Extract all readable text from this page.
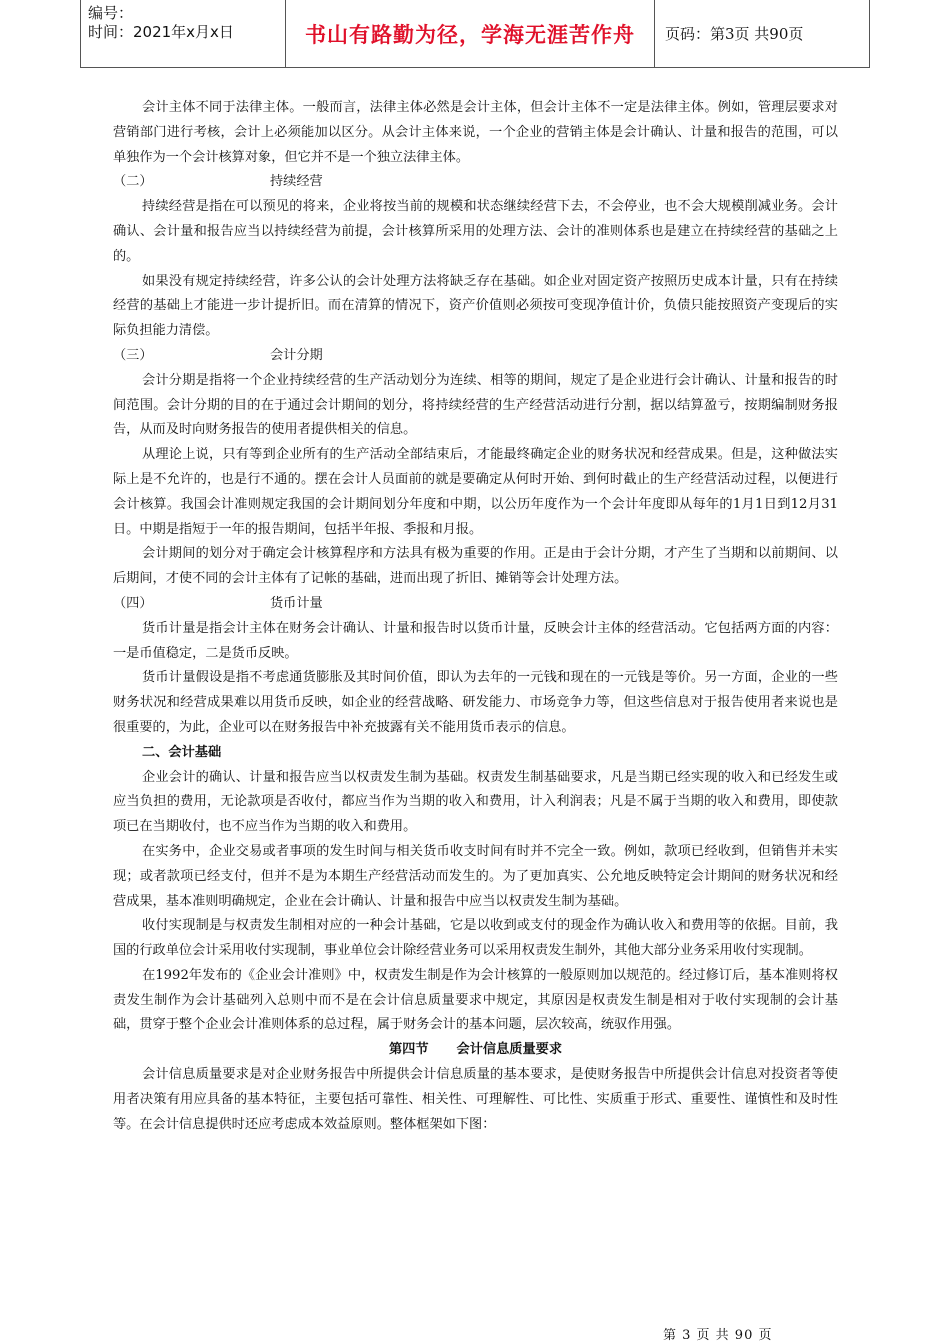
编号：
时间：2021年x月x日	书山有路勤为径，学海无涯苦作舟	页码：第3页 共90页

会计主体不同于法律主体。一般而言，法律主体必然是会计主体，但会计主体不一定是法律主体。例如，管理层要求对营销部门进行考核，会计上必须能加以区分。从会计主体来说，一个企业的营销主体是会计确认、计量和报告的范围，可以单独作为一个会计核算对象，但它并不是一个独立法律主体。

（二）	持续经营

持续经营是指在可以预见的将来，企业将按当前的规模和状态继续经营下去，不会停业，也不会大规模削减业务。会计确认、会计量和报告应当以持续经营为前提，会计核算所采用的处理方法、会计的准则体系也是建立在持续经营的基础之上的。

如果没有规定持续经营，许多公认的会计处理方法将缺乏存在基础。如企业对固定资产按照历史成本计量，只有在持续经营的基础上才能进一步计提折旧。而在清算的情况下，资产价值则必须按可变现净值计价，负债只能按照资产变现后的实际负担能力清偿。

（三）	会计分期

会计分期是指将一个企业持续经营的生产活动划分为连续、相等的期间，规定了是企业进行会计确认、计量和报告的时间范围。会计分期的目的在于通过会计期间的划分，将持续经营的生产经营活动进行分割，据以结算盈亏，按期编制财务报告，从而及时向财务报告的使用者提供相关的信息。

从理论上说，只有等到企业所有的生产活动全部结束后，才能最终确定企业的财务状况和经营成果。但是，这种做法实际上是不允许的，也是行不通的。摆在会计人员面前的就是要确定从何时开始、到何时截止的生产经营活动过程，以便进行会计核算。我国会计准则规定我国的会计期间划分年度和中期，以公历年度作为一个会计年度即从每年的1月1日到12月31日。中期是指短于一年的报告期间，包括半年报、季报和月报。

会计期间的划分对于确定会计核算程序和方法具有极为重要的作用。正是由于会计分期，才产生了当期和以前期间、以后期间，才使不同的会计主体有了记帐的基础，进而出现了折旧、摊销等会计处理方法。

（四）	货币计量

货币计量是指会计主体在财务会计确认、计量和报告时以货币计量，反映会计主体的经营活动。它包括两方面的内容：一是币值稳定，二是货币反映。

货币计量假设是指不考虑通货膨胀及其时间价值，即认为去年的一元钱和现在的一元钱是等价。另一方面，企业的一些财务状况和经营成果难以用货币反映，如企业的经营战略、研发能力、市场竞争力等，但这些信息对于报告使用者来说也是很重要的，为此，企业可以在财务报告中补充披露有关不能用货币表示的信息。

二、会计基础

企业会计的确认、计量和报告应当以权责发生制为基础。权责发生制基础要求，凡是当期已经实现的收入和已经发生或应当负担的费用，无论款项是否收付，都应当作为当期的收入和费用，计入利润表；凡是不属于当期的收入和费用，即使款项已在当期收付，也不应当作为当期的收入和费用。

在实务中，企业交易或者事项的发生时间与相关货币收支时间有时并不完全一致。例如，款项已经收到，但销售并未实现；或者款项已经支付，但并不是为本期生产经营活动而发生的。为了更加真实、公允地反映特定会计期间的财务状况和经营成果，基本准则明确规定，企业在会计确认、计量和报告中应当以权责发生制为基础。

收付实现制是与权责发生制相对应的一种会计基础，它是以收到或支付的现金作为确认收入和费用等的依据。目前，我国的行政单位会计采用收付实现制，事业单位会计除经营业务可以采用权责发生制外，其他大部分业务采用收付实现制。

在1992年发布的《企业会计准则》中，权责发生制是作为会计核算的一般原则加以规范的。经过修订后，基本准则将权责发生制作为会计基础列入总则中而不是在会计信息质量要求中规定，其原因是权责发生制是相对于收付实现制的会计基础，贯穿于整个企业会计准则体系的总过程，属于财务会计的基本问题，层次较高，统驭作用强。

第四节 会计信息质量要求

会计信息质量要求是对企业财务报告中所提供会计信息质量的基本要求，是使财务报告中所提供会计信息对投资者等使用者决策有用应具备的基本特征，主要包括可靠性、相关性、可理解性、可比性、实质重于形式、重要性、谨慎性和及时性等。在会计信息提供时还应考虑成本效益原则。整体框架如下图：

第 3 页 共 90 页
